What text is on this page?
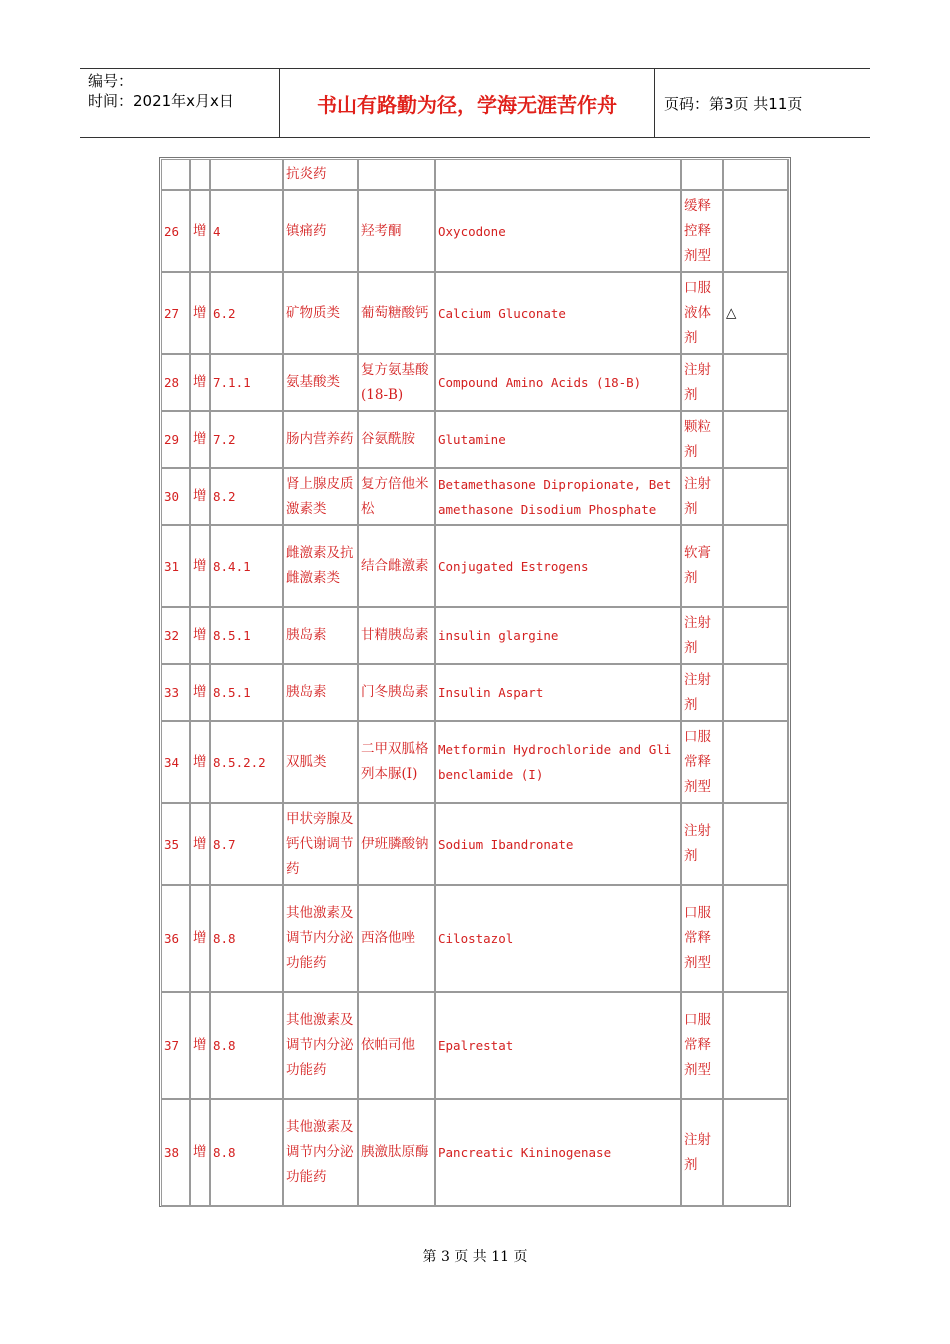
编号：
时间：2021年x月x日	书山有路勤为径，学海无涯苦作舟	页码：第3页 共11页
			抗炎药				
26	增	4	镇痛药	羟考酮	Oxycodone	缓释控释剂型	
27	增	6.2	矿物质类	葡萄糖酸钙	Calcium Gluconate	口服液体剂	△
28	增	7.1.1	氨基酸类	复方氨基酸(18-B)	Compound Amino Acids (18-B)	注射剂	
29	增	7.2	肠内营养药	谷氨酰胺	Glutamine	颗粒剂	
30	增	8.2	肾上腺皮质激素类	复方倍他米松	Betamethasone Dipropionate, Betamethasone Disodium Phosphate	注射剂	
31	增	8.4.1	雌激素及抗雌激素类	结合雌激素	Conjugated Estrogens	软膏剂	
32	增	8.5.1	胰岛素	甘精胰岛素	insulin glargine	注射剂	
33	增	8.5.1	胰岛素	门冬胰岛素	Insulin Aspart	注射剂	
34	增	8.5.2.2	双胍类	二甲双胍格列本脲(I)	Metformin Hydrochloride and Glibenclamide (I)	口服常释剂型	
35	增	8.7	甲状旁腺及钙代谢调节药	伊班膦酸钠	Sodium Ibandronate	注射剂	
36	增	8.8	其他激素及调节内分泌功能药	西洛他唑	Cilostazol	口服常释剂型	
37	增	8.8	其他激素及调节内分泌功能药	依帕司他	Epalrestat	口服常释剂型	
38	增	8.8	其他激素及调节内分泌功能药	胰激肽原酶	Pancreatic Kininogenase	注射剂	
第 3 页 共 11 页
